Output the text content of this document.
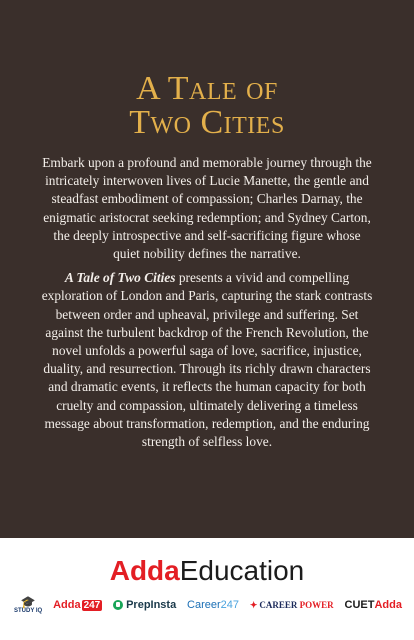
A Tale of
Two Cities

Embark upon a profound and memorable journey through the intricately interwoven lives of Lucie Manette, the gentle and steadfast embodiment of compassion; Charles Darnay, the enigmatic aristocrat seeking redemption; and Sydney Carton, the deeply introspective and self-sacrificing figure whose quiet nobility defines the narrative.

A Tale of Two Cities presents a vivid and compelling exploration of London and Paris, capturing the stark contrasts between order and upheaval, privilege and suffering. Set against the turbulent backdrop of the French Revolution, the novel unfolds a powerful saga of love, sacrifice, injustice, duality, and resurrection. Through its richly drawn characters and dramatic events, it reflects the human capacity for both cruelty and compassion, ultimately delivering a timeless message about transformation, redemption, and the enduring strength of selfless love.

AddaEducation
🎓
STUDY IQ Adda 247 PrepInsta Career 247 ✦ CAREER
POWER CUET Adda
